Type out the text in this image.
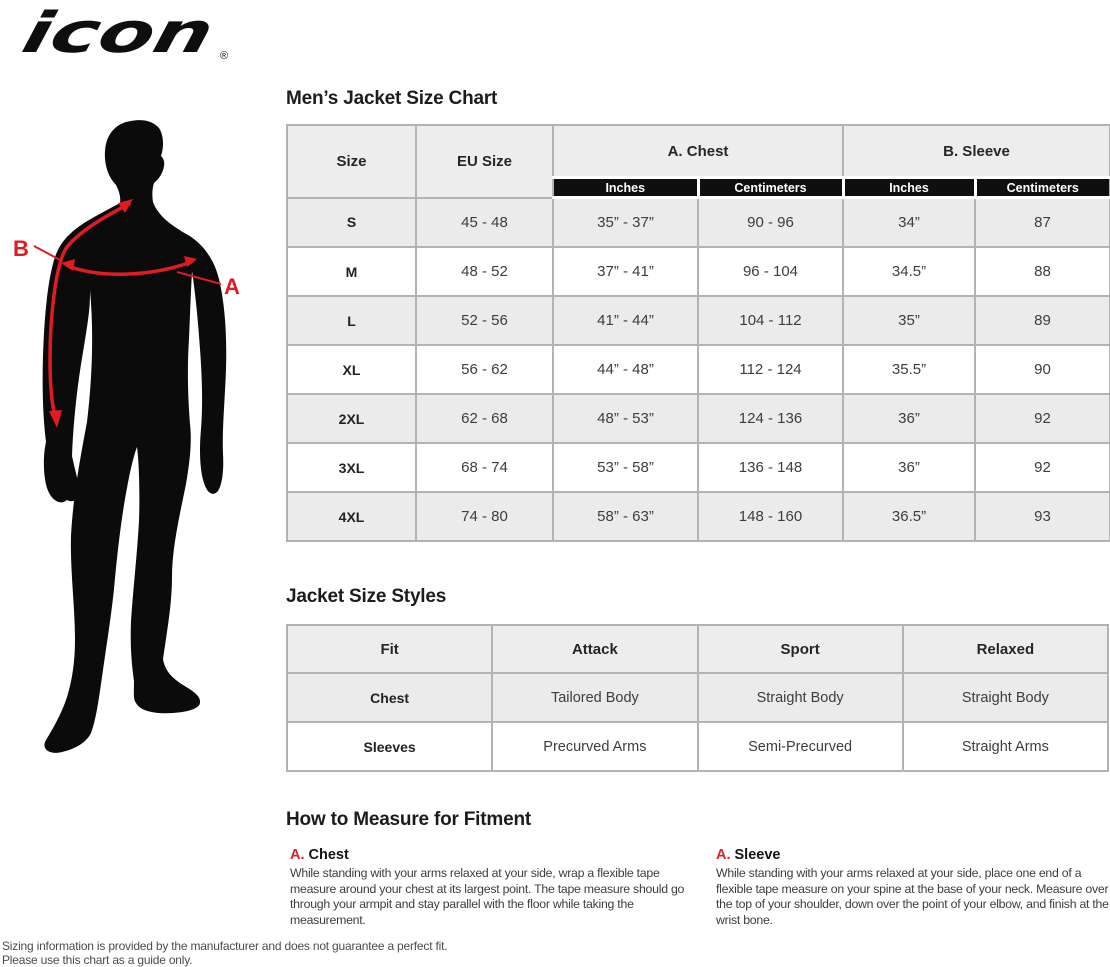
icon	®
B
A
Men’s Jacket Size Chart
Size	EU Size	A. Chest		B. Sleeve	
		Inches	Centimeters	Inches	Centimeters
S	45 - 48	35” - 37”	90 - 96	34”	87
M	48 - 52	37” - 41”	96 - 104	34.5”	88
L	52 - 56	41” - 44”	104 - 112	35”	89
XL	56 - 62	44” - 48”	112 - 124	35.5”	90
2XL	62 - 68	48” - 53”	124 - 136	36”	92
3XL	68 - 74	53” - 58”	136 - 148	36”	92
4XL	74 - 80	58” - 63”	148 - 160	36.5”	93
Jacket Size Styles
Fit	Attack	Sport	Relaxed
Chest	Tailored Body	Straight Body	Straight Body
Sleeves	Precurved Arms	Semi-Precurved	Straight Arms
How to Measure for Fitment

A. Chest

While standing with your arms relaxed at your side, wrap a flexible tape measure around your chest at its largest point. The tape measure should go through your armpit and stay parallel with the floor while taking the measurement.

A. Sleeve

While standing with your arms relaxed at your side, place one end of a flexible tape measure on your spine at the base of your neck. Measure over the top of your shoulder, down over the point of your elbow, and finish at the wrist bone.

Sizing information is provided by the manufacturer and does not guarantee a perfect fit.
Please use this chart as a guide only.
